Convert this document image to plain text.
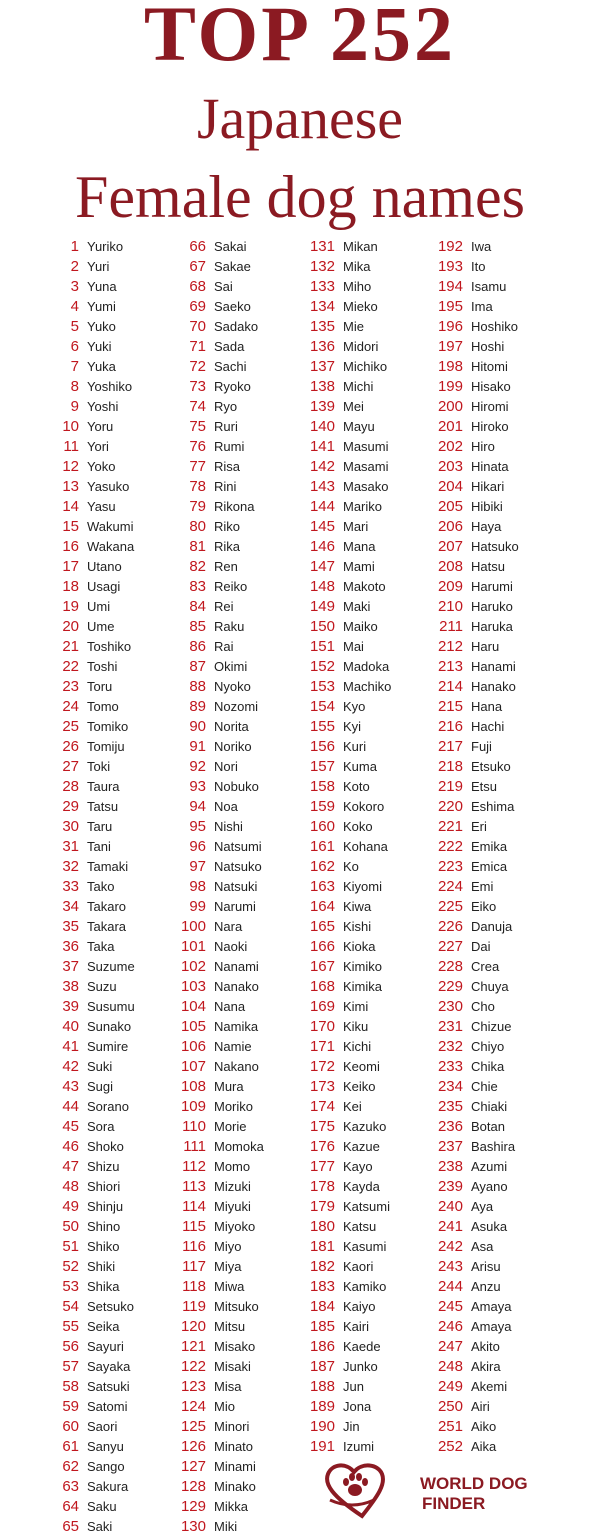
TOP 252
Japanese
Female dog names
1 Yuriko
2 Yuri
3 Yuna
4 Yumi
5 Yuko
6 Yuki
7 Yuka
8 Yoshiko
9 Yoshi
10 Yoru
11 Yori
12 Yoko
13 Yasuko
14 Yasu
15 Wakumi
16 Wakana
17 Utano
18 Usagi
19 Umi
20 Ume
21 Toshiko
22 Toshi
23 Toru
24 Tomo
25 Tomiko
26 Tomiju
27 Toki
28 Taura
29 Tatsu
30 Taru
31 Tani
32 Tamaki
33 Tako
34 Takaro
35 Takara
36 Taka
37 Suzume
38 Suzu
39 Susumu
40 Sunako
41 Sumire
42 Suki
43 Sugi
44 Sorano
45 Sora
46 Shoko
47 Shizu
48 Shiori
49 Shinju
50 Shino
51 Shiko
52 Shiki
53 Shika
54 Setsuko
55 Seika
56 Sayuri
57 Sayaka
58 Satsuki
59 Satomi
60 Saori
61 Sanyu
62 Sango
63 Sakura
64 Saku
65 Saki
66 Sakai
67 Sakae
68 Sai
69 Saeko
70 Sadako
71 Sada
72 Sachi
73 Ryoko
74 Ryo
75 Ruri
76 Rumi
77 Risa
78 Rini
79 Rikona
80 Riko
81 Rika
82 Ren
83 Reiko
84 Rei
85 Raku
86 Rai
87 Okimi
88 Nyoko
89 Nozomi
90 Norita
91 Noriko
92 Nori
93 Nobuko
94 Noa
95 Nishi
96 Natsumi
97 Natsuko
98 Natsuki
99 Narumi
100 Nara
101 Naoki
102 Nanami
103 Nanako
104 Nana
105 Namika
106 Namie
107 Nakano
108 Mura
109 Moriko
110 Morie
111 Momoka
112 Momo
113 Mizuki
114 Miyuki
115 Miyoko
116 Miyo
117 Miya
118 Miwa
119 Mitsuko
120 Mitsu
121 Misako
122 Misaki
123 Misa
124 Mio
125 Minori
126 Minato
127 Minami
128 Minako
129 Mikka
130 Miki
131 Mikan
132 Mika
133 Miho
134 Mieko
135 Mie
136 Midori
137 Michiko
138 Michi
139 Mei
140 Mayu
141 Masumi
142 Masami
143 Masako
144 Mariko
145 Mari
146 Mana
147 Mami
148 Makoto
149 Maki
150 Maiko
151 Mai
152 Madoka
153 Machiko
154 Kyo
155 Kyi
156 Kuri
157 Kuma
158 Koto
159 Kokoro
160 Koko
161 Kohana
162 Ko
163 Kiyomi
164 Kiwa
165 Kishi
166 Kioka
167 Kimiko
168 Kimika
169 Kimi
170 Kiku
171 Kichi
172 Keomi
173 Keiko
174 Kei
175 Kazuko
176 Kazue
177 Kayo
178 Kayda
179 Katsumi
180 Katsu
181 Kasumi
182 Kaori
183 Kamiko
184 Kaiyo
185 Kairi
186 Kaede
187 Junko
188 Jun
189 Jona
190 Jin
191 Izumi
192 Iwa
193 Ito
194 Isamu
195 Ima
196 Hoshiko
197 Hoshi
198 Hitomi
199 Hisako
200 Hiromi
201 Hiroko
202 Hiro
203 Hinata
204 Hikari
205 Hibiki
206 Haya
207 Hatsuko
208 Hatsu
209 Harumi
210 Haruko
211 Haruka
212 Haru
213 Hanami
214 Hanako
215 Hana
216 Hachi
217 Fuji
218 Etsuko
219 Etsu
220 Eshima
221 Eri
222 Emika
223 Emica
224 Emi
225 Eiko
226 Danuja
227 Dai
228 Crea
229 Chuya
230 Cho
231 Chizue
232 Chiyo
233 Chika
234 Chie
235 Chiaki
236 Botan
237 Bashira
238 Azumi
239 Ayano
240 Aya
241 Asuka
242 Asa
243 Arisu
244 Anzu
245 Amaya
246 Amaya
247 Akito
248 Akira
249 Akemi
250 Airi
251 Aiko
252 Aika
WORLD DOG
FINDER
